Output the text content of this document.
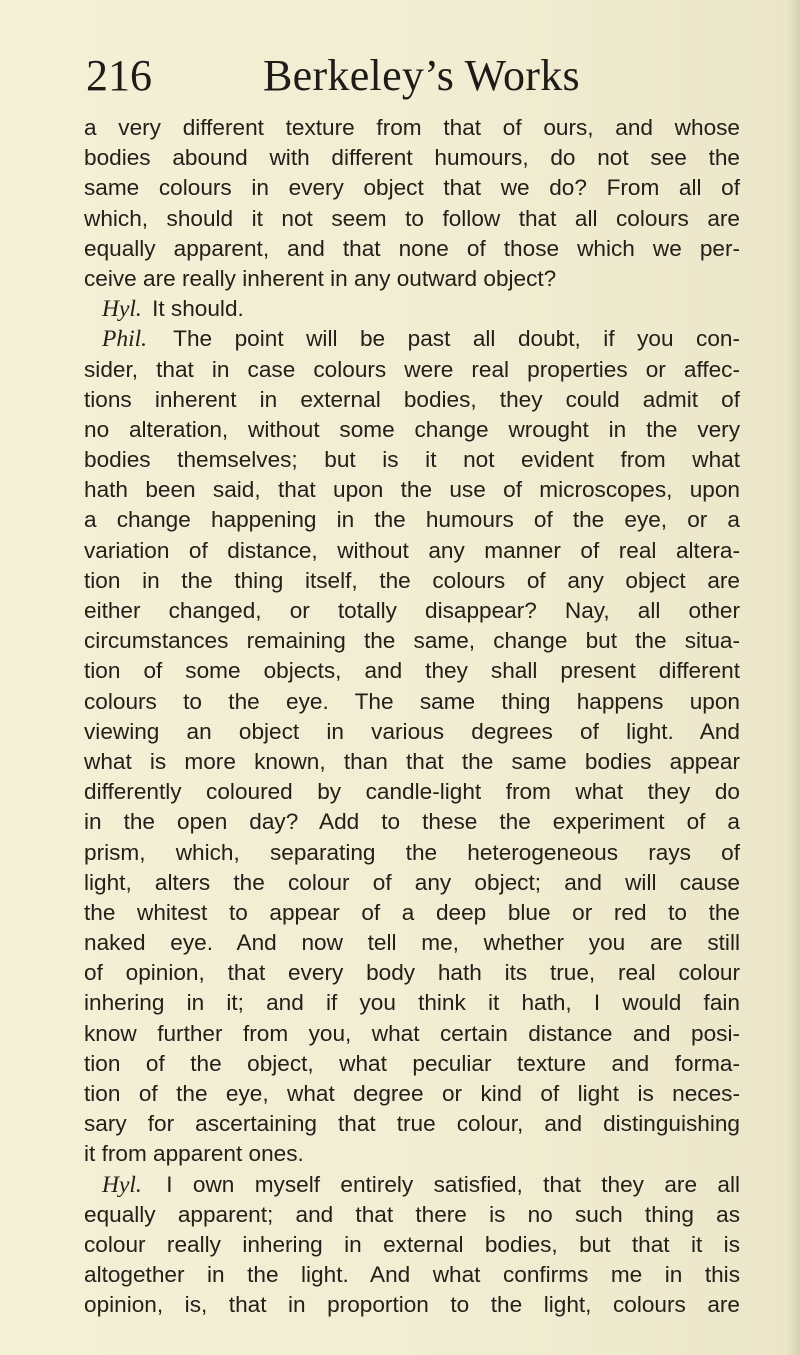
216	Berkeley’s Works
a very different texture from that of ours, and whose
bodies abound with different humours, do not see the
same colours in every object that we do? From all of
which, should it not seem to follow that all colours are
equally apparent, and that none of those which we per-
ceive are really inherent in any outward object?
Hyl. It should.
Phil. The point will be past all doubt, if you con-
sider, that in case colours were real properties or affec-
tions inherent in external bodies, they could admit of
no alteration, without some change wrought in the very
bodies themselves; but is it not evident from what
hath been said, that upon the use of microscopes, upon
a change happening in the humours of the eye, or a
variation of distance, without any manner of real altera-
tion in the thing itself, the colours of any object are
either changed, or totally disappear? Nay, all other
circumstances remaining the same, change but the situa-
tion of some objects, and they shall present different
colours to the eye. The same thing happens upon
viewing an object in various degrees of light. And
what is more known, than that the same bodies appear
differently coloured by candle-light from what they do
in the open day? Add to these the experiment of a
prism, which, separating the heterogeneous rays of
light, alters the colour of any object; and will cause
the whitest to appear of a deep blue or red to the
naked eye. And now tell me, whether you are still
of opinion, that every body hath its true, real colour
inhering in it; and if you think it hath, I would fain
know further from you, what certain distance and posi-
tion of the object, what peculiar texture and forma-
tion of the eye, what degree or kind of light is neces-
sary for ascertaining that true colour, and distinguishing
it from apparent ones.
Hyl. I own myself entirely satisfied, that they are all
equally apparent; and that there is no such thing as
colour really inhering in external bodies, but that it is
altogether in the light. And what confirms me in this
opinion, is, that in proportion to the light, colours are
